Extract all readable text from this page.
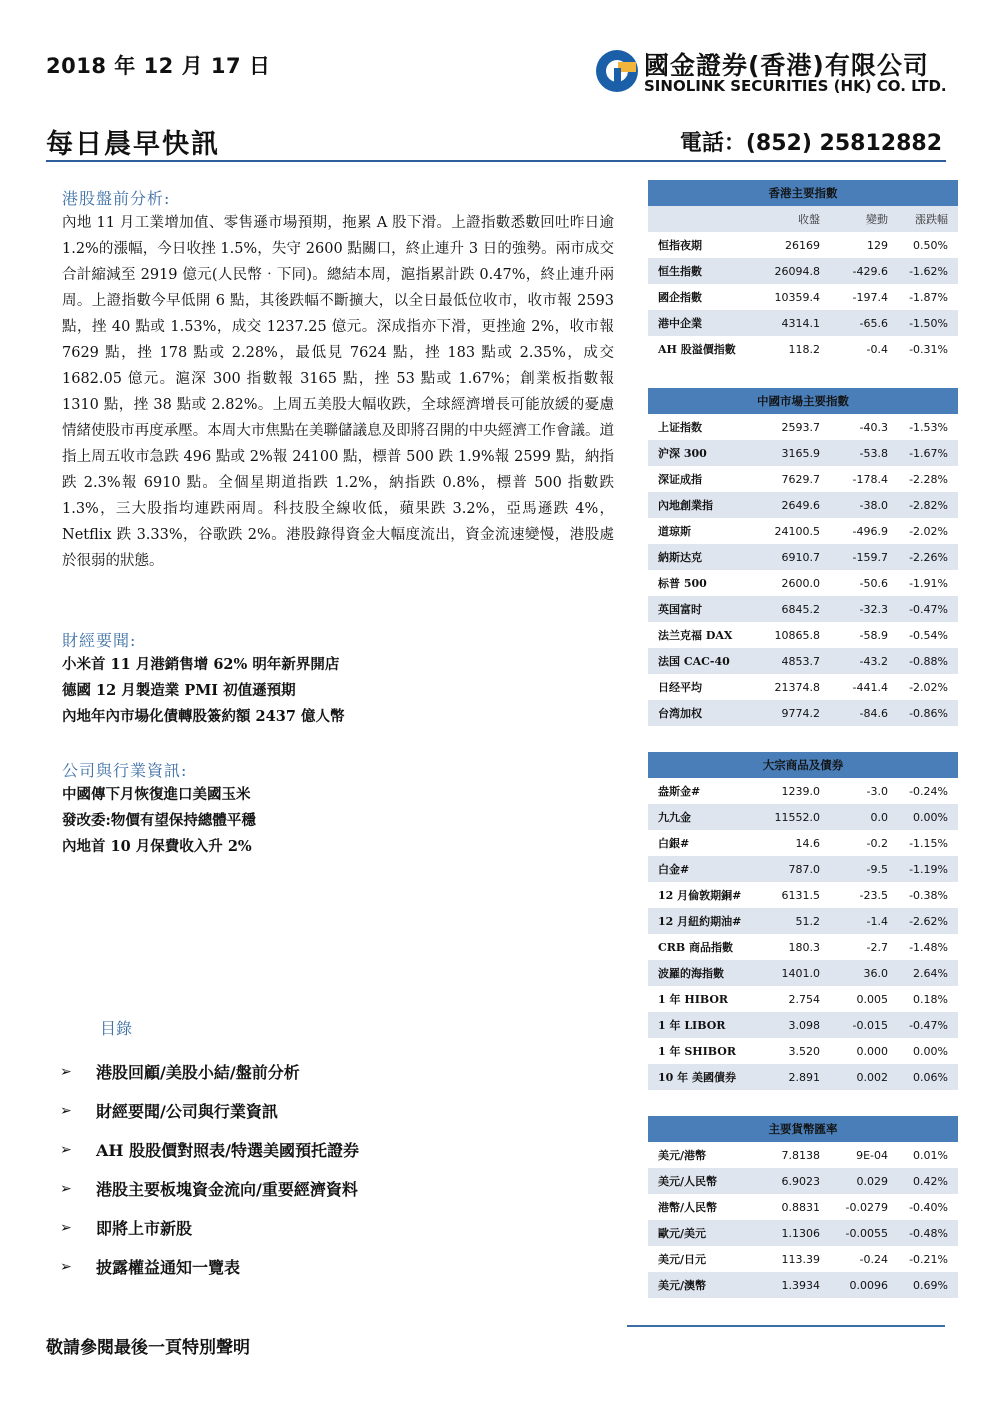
2018 年 12 月 17 日	國金證券(香港)有限公司
SINOLINK SECURITIES (HK) CO. LTD.
每日晨早快訊	電話：(852) 25812882
港股盤前分析:
內地 11 月工業增加值、零售遜市場預期，拖累 A 股下滑。上證指數悉數回吐昨日逾 1.2%的漲幅，今日收挫 1.5%，失守 2600 點關口，終止連升 3 日的強勢。兩市成交合計縮減至 2919 億元(人民幣‧下同)。總結本周，滬指累計跌 0.47%，終止連升兩周。上證指數今早低開 6 點，其後跌幅不斷擴大，以全日最低位收市，收市報 2593 點，挫 40 點或 1.53%，成交 1237.25 億元。深成指亦下滑，更挫逾 2%，收市報 7629 點，挫 178 點或 2.28%，最低見 7624 點，挫 183 點或 2.35%，成交 1682.05 億元。滬深 300 指數報 3165 點，挫 53 點或 1.67%；創業板指數報 1310 點，挫 38 點或 2.82%。上周五美股大幅收跌，全球經濟增長可能放緩的憂慮情緒使股市再度承壓。本周大市焦點在美聯儲議息及即將召開的中央經濟工作會議。道指上周五收市急跌 496 點或 2%報 24100 點，標普 500 跌 1.9%報 2599 點，納指跌 2.3%報 6910 點。全個星期道指跌 1.2%，納指跌 0.8%，標普 500 指數跌 1.3%，三大股指均連跌兩周。科技股全線收低，蘋果跌 3.2%，亞馬遜跌 4%，Netflix 跌 3.33%，谷歌跌 2%。港股錄得資金大幅度流出，資金流速變慢，港股處於很弱的狀態。
財經要聞:
小米首 11 月港銷售增 62% 明年新界開店
德國 12 月製造業 PMI 初值遜預期
內地年內市場化債轉股簽約額 2437 億人幣
公司與行業資訊:
中國傳下月恢復進口美國玉米
發改委:物價有望保持總體平穩
內地首 10 月保費收入升 2%
目錄
➢	港股回顧/美股小結/盤前分析
➢	財經要聞/公司與行業資訊
➢	AH 股股價對照表/特選美國預托證券
➢	港股主要板塊資金流向/重要經濟資料
➢	即將上市新股
➢	披露權益通知一覽表
敬請參閱最後一頁特別聲明
香港主要指數
收盤	變動	漲跌幅
恒指夜期	26169	129	0.50%
恒生指數	26094.8	-429.6	-1.62%
國企指數	10359.4	-197.4	-1.87%
港中企業	4314.1	-65.6	-1.50%
AH 股溢價指數	118.2	-0.4	-0.31%
中國市場主要指數
上证指数	2593.7	-40.3	-1.53%
沪深 300	3165.9	-53.8	-1.67%
深证成指	7629.7	-178.4	-2.28%
內地創業指	2649.6	-38.0	-2.82%
道琼斯	24100.5	-496.9	-2.02%
納斯达克	6910.7	-159.7	-2.26%
标普 500	2600.0	-50.6	-1.91%
英国富时	6845.2	-32.3	-0.47%
法兰克福 DAX	10865.8	-58.9	-0.54%
法国 CAC-40	4853.7	-43.2	-0.88%
日经平均	21374.8	-441.4	-2.02%
台湾加权	9774.2	-84.6	-0.86%
大宗商品及債券
盎斯金#	1239.0	-3.0	-0.24%
九九金	11552.0	0.0	0.00%
白銀#	14.6	-0.2	-1.15%
白金#	787.0	-9.5	-1.19%
12 月倫敦期銅#	6131.5	-23.5	-0.38%
12 月紐約期油#	51.2	-1.4	-2.62%
CRB 商品指數	180.3	-2.7	-1.48%
波羅的海指數	1401.0	36.0	2.64%
1 年 HIBOR	2.754	0.005	0.18%
1 年 LIBOR	3.098	-0.015	-0.47%
1 年 SHIBOR	3.520	0.000	0.00%
10 年 美國債券	2.891	0.002	0.06%
主要貨幣匯率
美元/港幣	7.8138	9E-04	0.01%
美元/人民幣	6.9023	0.029	0.42%
港幣/人民幣	0.8831	-0.0279	-0.40%
歐元/美元	1.1306	-0.0055	-0.48%
美元/日元	113.39	-0.24	-0.21%
美元/澳幣	1.3934	0.0096	0.69%
